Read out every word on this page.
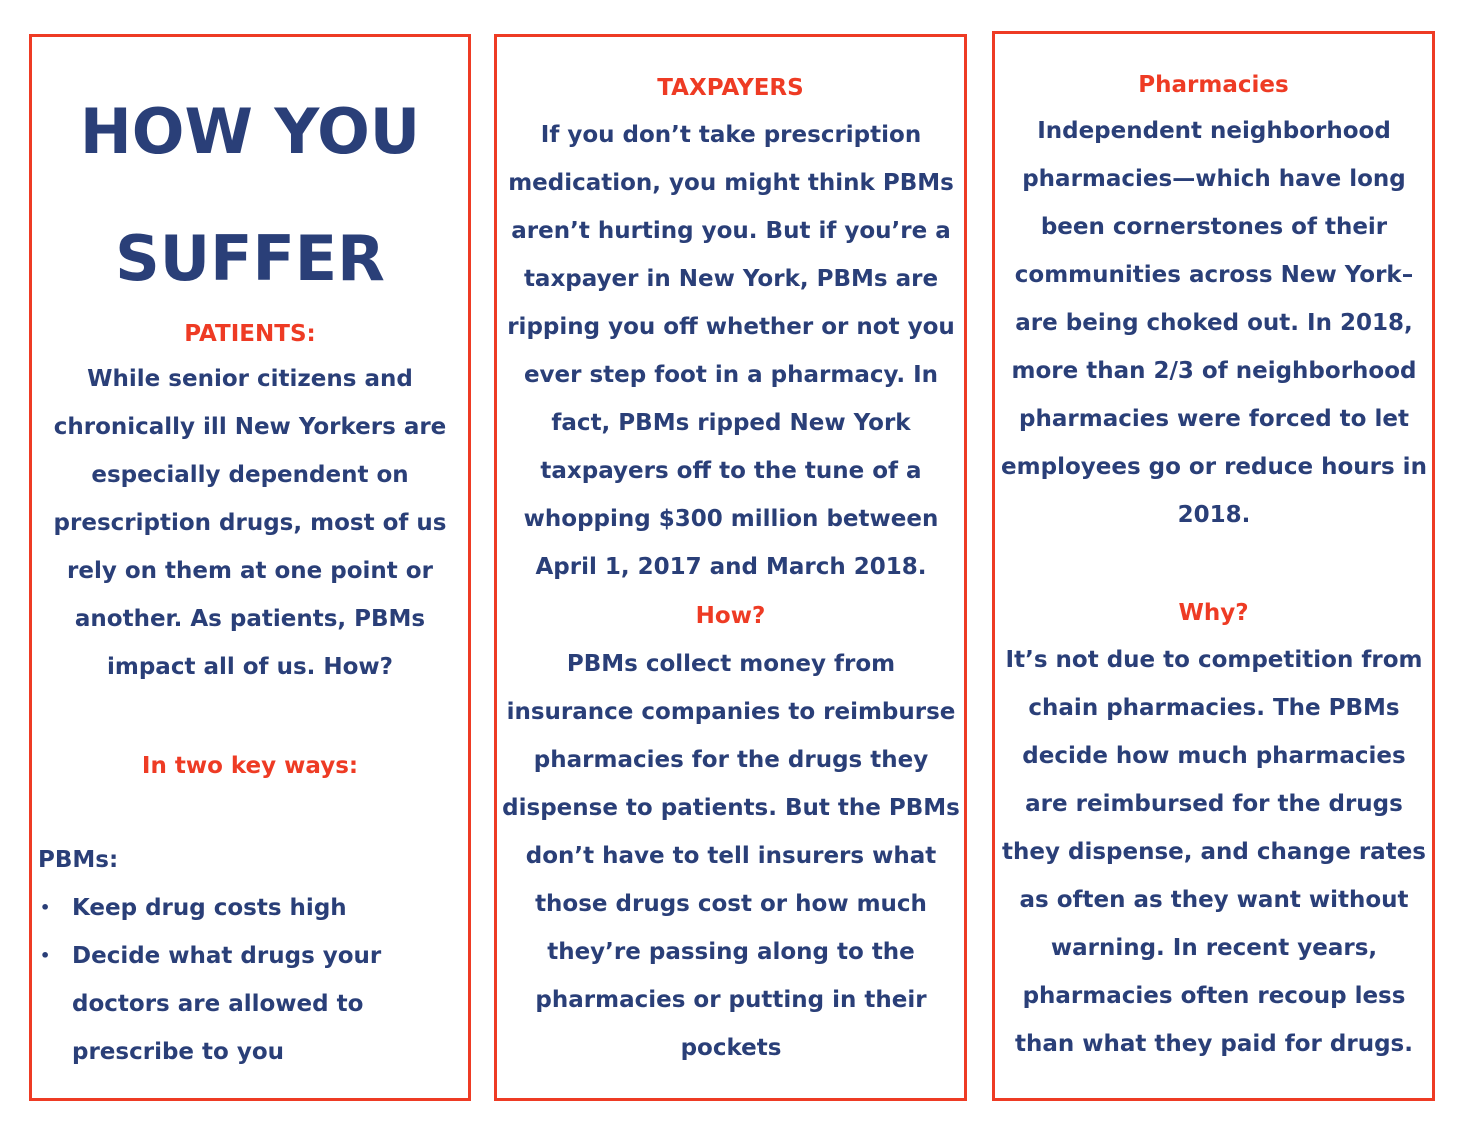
HOW YOU
SUFFER
PATIENTS:

While senior citizens and chronically ill New Yorkers are especially dependent on prescription drugs, most of us rely on them at one point or another. As patients, PBMs impact all of us. How?

In two key ways:
PBMs:
• Keep drug costs high
• Decide what drugs your doctors are allowed to prescribe to you
TAXPAYERS

If you don’t take prescription medication, you might think PBMs aren’t hurting you. But if you’re a taxpayer in New York, PBMs are ripping you off whether or not you ever step foot in a pharmacy. In fact, PBMs ripped New York taxpayers off to the tune of a whopping $300 million between April 1, 2017 and March 2018.

How?

PBMs collect money from insurance companies to reimburse pharmacies for the drugs they dispense to patients. But the PBMs don’t have to tell insurers what those drugs cost or how much they’re passing along to the pharmacies or putting in their pockets

Pharmacies

Independent neighborhood pharmacies—which have long been cornerstones of their communities across New York–are being choked out. In 2018, more than 2/3 of neighborhood pharmacies were forced to let employees go or reduce hours in 2018.

Why?

It’s not due to competition from chain pharmacies. The PBMs decide how much pharmacies are reimbursed for the drugs they dispense, and change rates as often as they want without warning. In recent years, pharmacies often recoup less than what they paid for drugs.
